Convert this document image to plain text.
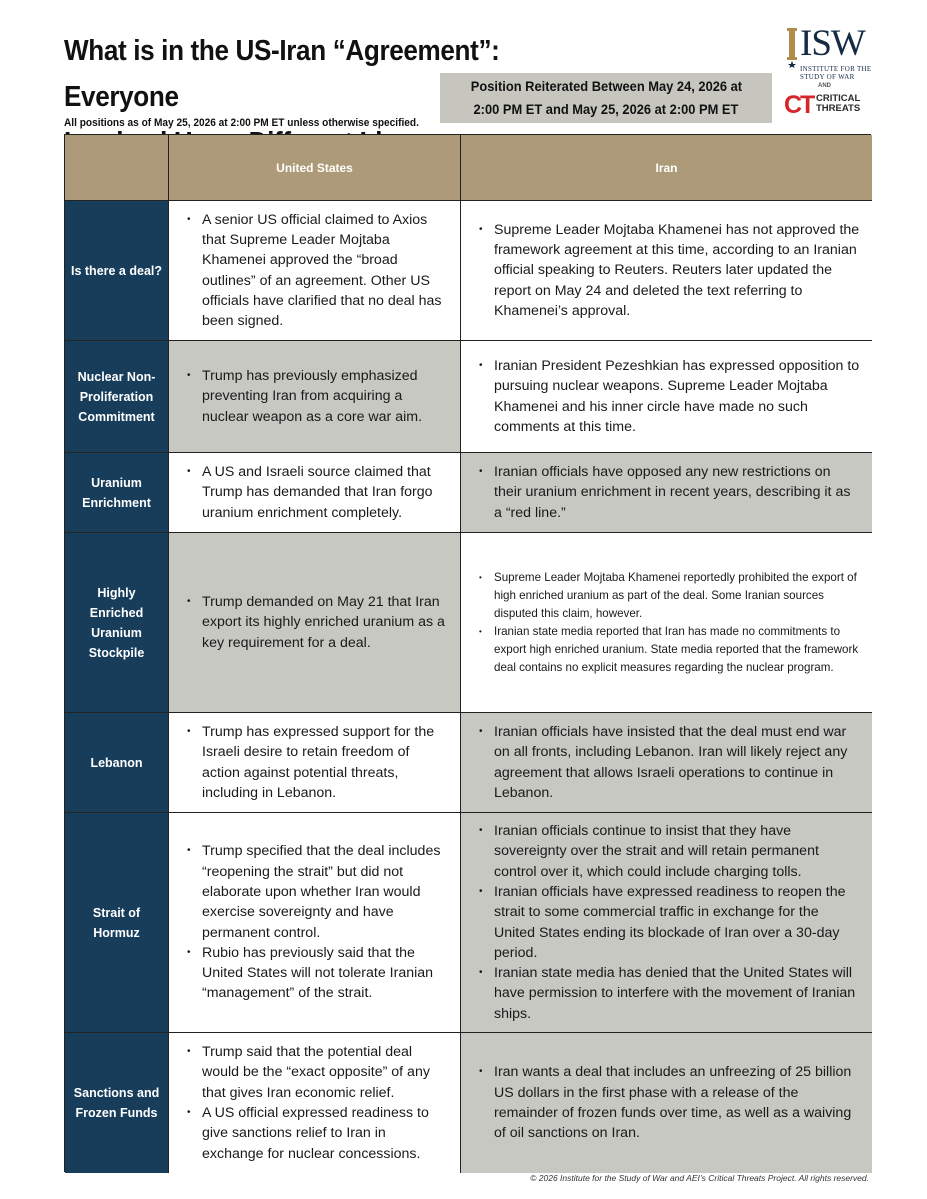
What is in the US-Iran “Agreement”: Everyone
All positions as of May 25, 2026 at 2:00 PM ET unless otherwise specified.
Position Reiterated Between May 24, 2026 at
2:00 PM ET and May 25, 2026 at 2:00 PM ET
ISW
INSTITUTE FOR THE
STUDY OF WAR
AND
CT CRITICAL
THREATS
United States	Iran
Is there a deal?
• A senior US official claimed to Axios that Supreme Leader Mojtaba Khamenei approved the “broad outlines” of an agreement. Other US officials have clarified that no deal has been signed.
• Supreme Leader Mojtaba Khamenei has not approved the framework agreement at this time, according to an Iranian official speaking to Reuters. Reuters later updated the report on May 24 and deleted the text referring to Khamenei’s approval.
Nuclear Non-Proliferation Commitment
• Trump has previously emphasized preventing Iran from acquiring a nuclear weapon as a core war aim.
• Iranian President Pezeshkian has expressed opposition to pursuing nuclear weapons. Supreme Leader Mojtaba Khamenei and his inner circle have made no such comments at this time.
Uranium Enrichment
• A US and Israeli source claimed that Trump has demanded that Iran forgo uranium enrichment completely.
• Iranian officials have opposed any new restrictions on their uranium enrichment in recent years, describing it as a “red line.”
Highly Enriched Uranium Stockpile
• Trump demanded on May 21 that Iran export its highly enriched uranium as a key requirement for a deal.
• Supreme Leader Mojtaba Khamenei reportedly prohibited the export of high enriched uranium as part of the deal. Some Iranian sources disputed this claim, however.
• Iranian state media reported that Iran has made no commitments to export high enriched uranium. State media reported that the framework deal contains no explicit measures regarding the nuclear program.
Lebanon
• Trump has expressed support for the Israeli desire to retain freedom of action against potential threats, including in Lebanon.
• Iranian officials have insisted that the deal must end war on all fronts, including Lebanon. Iran will likely reject any agreement that allows Israeli operations to continue in Lebanon.
Strait of Hormuz
• Trump specified that the deal includes “reopening the strait” but did not elaborate upon whether Iran would exercise sovereignty and have permanent control.
• Rubio has previously said that the United States will not tolerate Iranian “management” of the strait.
• Iranian officials continue to insist that they have sovereignty over the strait and will retain permanent control over it, which could include charging tolls.
• Iranian officials have expressed readiness to reopen the strait to some commercial traffic in exchange for the United States ending its blockade of Iran over a 30-day period.
• Iranian state media has denied that the United States will have permission to interfere with the movement of Iranian ships.
Sanctions and Frozen Funds
• Trump said that the potential deal would be the “exact opposite” of any that gives Iran economic relief.
• A US official expressed readiness to give sanctions relief to Iran in exchange for nuclear concessions.
• Iran wants a deal that includes an unfreezing of 25 billion US dollars in the first phase with a release of the remainder of frozen funds over time, as well as a waiving of oil sanctions on Iran.
© 2026 Institute for the Study of War and AEI’s Critical Threats Project. All rights reserved.
